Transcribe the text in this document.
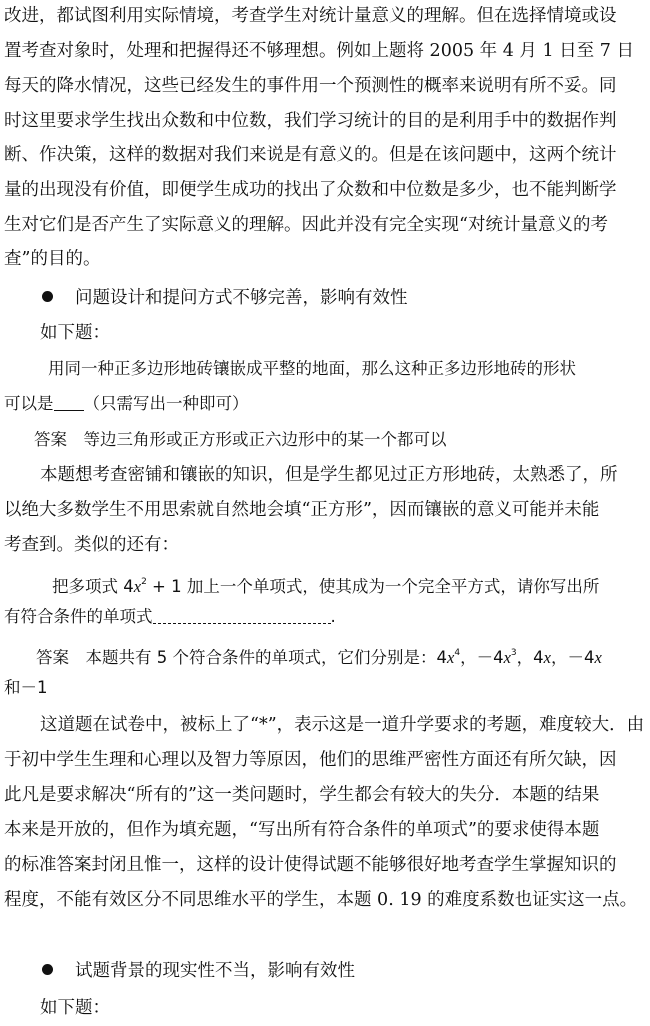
改进，都试图利用实际情境，考查学生对统计量意义的理解。但在选择情境或设
置考查对象时，处理和把握得还不够理想。例如上题将 2005 年 4 月 1 日至 7 日
每天的降水情况，这些已经发生的事件用一个预测性的概率来说明有所不妥。同
时这里要求学生找出众数和中位数，我们学习统计的目的是利用手中的数据作判
断、作决策，这样的数据对我们来说是有意义的。但是在该问题中，这两个统计
量的出现没有价值，即便学生成功的找出了众数和中位数是多少，也不能判断学
生对它们是否产生了实际意义的理解。因此并没有完全实现“对统计量意义的考
查”的目的。
问题设计和提问方式不够完善，影响有效性
如下题：
用同一种正多边形地砖镶嵌成平整的地面，那么这种正多边形地砖的形状
可以是 （只需写出一种即可）
答案　等边三角形或正方形或正六边形中的某一个都可以
本题想考查密铺和镶嵌的知识，但是学生都见过正方形地砖，太熟悉了，所
以绝大多数学生不用思索就自然地会填“正方形”，因而镶嵌的意义可能并未能
考查到。类似的还有：
把多项式 $4x^2 + 1$ 加上一个单项式，使其成为一个完全平方式，请你写出所
有符合条件的单项式	.
答案　本题共有 5 个符合条件的单项式，它们分别是：$4x^4$，$-4x^3$，4x，－4x
和－1
这道题在试卷中，被标上了“*”，表示这是一道升学要求的考题，难度较大．由
于初中学生生理和心理以及智力等原因，他们的思维严密性方面还有所欠缺，因
此凡是要求解决“所有的”这一类问题时，学生都会有较大的失分．本题的结果
本来是开放的，但作为填充题，“写出所有符合条件的单项式”的要求使得本题
的标准答案封闭且惟一，这样的设计使得试题不能够很好地考查学生掌握知识的
程度，不能有效区分不同思维水平的学生，本题 0. 19 的难度系数也证实这一点。
试题背景的现实性不当，影响有效性
如下题：
